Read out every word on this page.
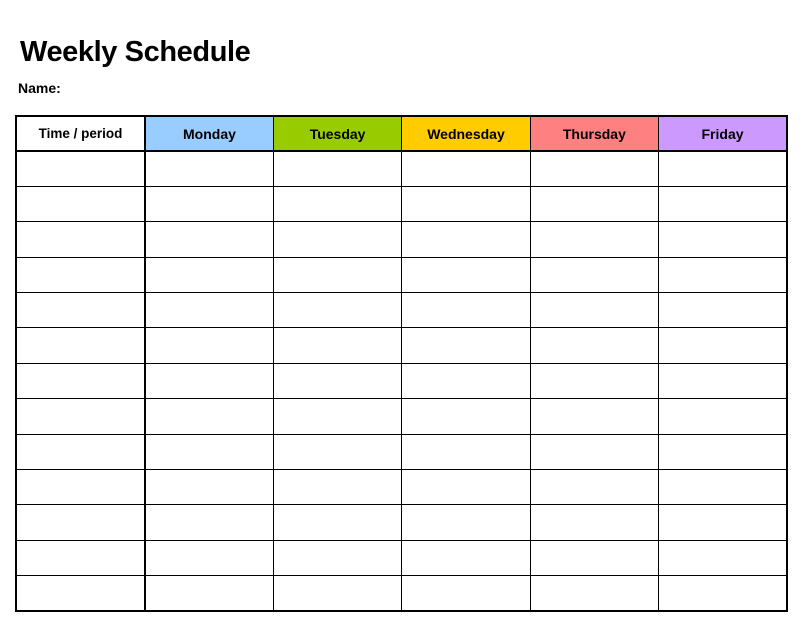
Weekly Schedule
Name:
Time / period	Monday	Tuesday	Wednesday	Thursday	Friday
